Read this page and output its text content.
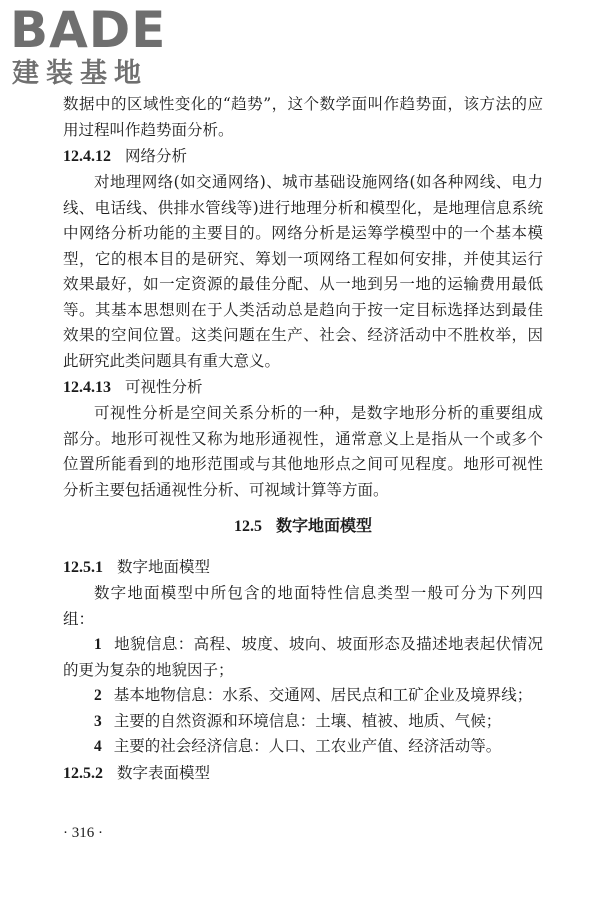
BADE
建装基地

数据中的区域性变化的“趋势”，这个数学面叫作趋势面，该方法的应用过程叫作趋势面分析。

12.4.12 网络分析

对地理网络(如交通网络)、城市基础设施网络(如各种网线、电力线、电话线、供排水管线等)进行地理分析和模型化，是地理信息系统中网络分析功能的主要目的。网络分析是运筹学模型中的一个基本模型，它的根本目的是研究、筹划一项网络工程如何安排，并使其运行效果最好，如一定资源的最佳分配、从一地到另一地的运输费用最低等。其基本思想则在于人类活动总是趋向于按一定目标选择达到最佳效果的空间位置。这类问题在生产、社会、经济活动中不胜枚举，因此研究此类问题具有重大意义。

12.4.13 可视性分析

可视性分析是空间关系分析的一种，是数字地形分析的重要组成部分。地形可视性又称为地形通视性，通常意义上是指从一个或多个位置所能看到的地形范围或与其他地形点之间可见程度。地形可视性分析主要包括通视性分析、可视域计算等方面。

12.5 数字地面模型
12.5.1 数字地面模型

数字地面模型中所包含的地面特性信息类型一般可分为下列四组：

1 地貌信息：高程、坡度、坡向、坡面形态及描述地表起伏情况的更为复杂的地貌因子；

2 基本地物信息：水系、交通网、居民点和工矿企业及境界线；

3 主要的自然资源和环境信息：土壤、植被、地质、气候；

4 主要的社会经济信息：人口、工农业产值、经济活动等。

12.5.2 数字表面模型
· 316 ·
